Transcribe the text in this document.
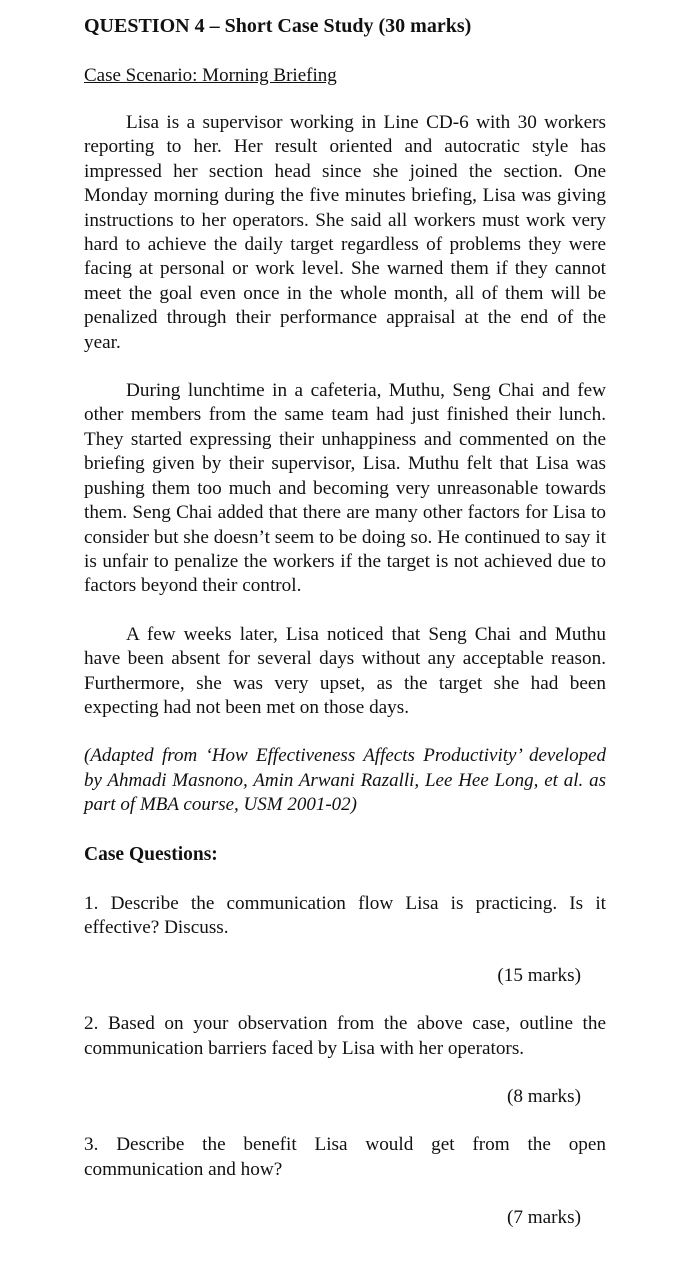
QUESTION 4 – Short Case Study (30 marks)

Case Scenario: Morning Briefing

Lisa is a supervisor working in Line CD-6 with 30 workers reporting to her. Her result oriented and autocratic style has impressed her section head since she joined the section. One Monday morning during the five minutes briefing, Lisa was giving instructions to her operators. She said all workers must work very hard to achieve the daily target regardless of problems they were facing at personal or work level. She warned them if they cannot meet the goal even once in the whole month, all of them will be penalized through their performance appraisal at the end of the year.

During lunchtime in a cafeteria, Muthu, Seng Chai and few other members from the same team had just finished their lunch. They started expressing their unhappiness and commented on the briefing given by their supervisor, Lisa. Muthu felt that Lisa was pushing them too much and becoming very unreasonable towards them. Seng Chai added that there are many other factors for Lisa to consider but she doesn’t seem to be doing so. He continued to say it is unfair to penalize the workers if the target is not achieved due to factors beyond their control.

A few weeks later, Lisa noticed that Seng Chai and Muthu have been absent for several days without any acceptable reason. Furthermore, she was very upset, as the target she had been expecting had not been met on those days.

(Adapted from ‘How Effectiveness Affects Productivity’ developed by Ahmadi Masnono, Amin Arwani Razalli, Lee Hee Long, et al. as part of MBA course, USM 2001-02)

Case Questions:

1. Describe the communication flow Lisa is practicing. Is it effective? Discuss.

(15 marks)

2. Based on your observation from the above case, outline the communication barriers faced by Lisa with her operators.

(8 marks)

3. Describe the benefit Lisa would get from the open communication and how?

(7 marks)
